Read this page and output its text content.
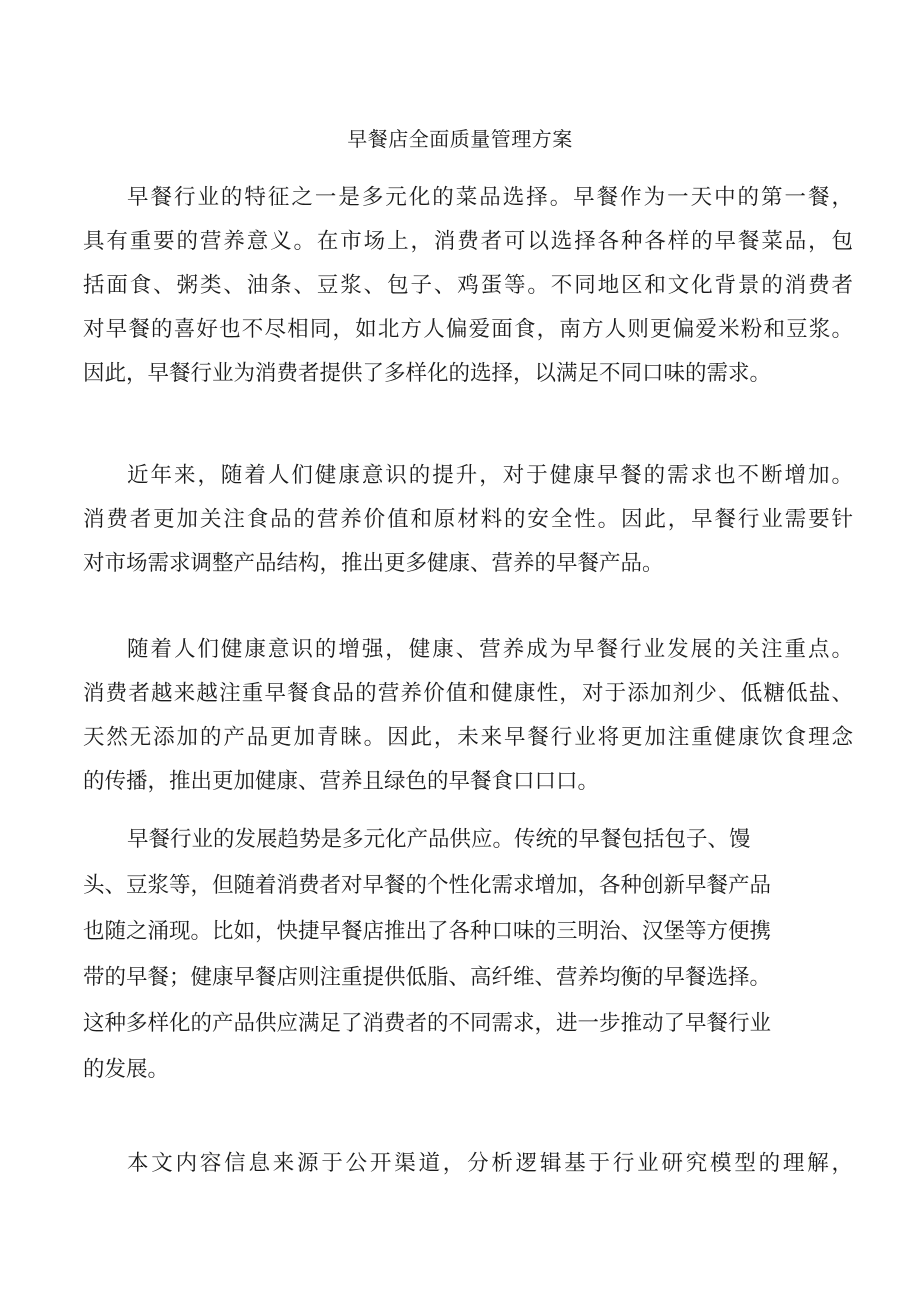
早餐店全面质量管理方案
早餐行业的特征之一是多元化的菜品选择。早餐作为一天中的第一餐，
具有重要的营养意义。在市场上，消费者可以选择各种各样的早餐菜品，包
括面食、粥类、油条、豆浆、包子、鸡蛋等。不同地区和文化背景的消费者
对早餐的喜好也不尽相同，如北方人偏爱面食，南方人则更偏爱米粉和豆浆。
因此，早餐行业为消费者提供了多样化的选择，以满足不同口味的需求。
近年来，随着人们健康意识的提升，对于健康早餐的需求也不断增加。
消费者更加关注食品的营养价值和原材料的安全性。因此，早餐行业需要针
对市场需求调整产品结构，推出更多健康、营养的早餐产品。
随着人们健康意识的增强，健康、营养成为早餐行业发展的关注重点。
消费者越来越注重早餐食品的营养价值和健康性，对于添加剂少、低糖低盐、
天然无添加的产品更加青睐。因此，未来早餐行业将更加注重健康饮食理念
的传播，推出更加健康、营养且绿色的早餐食口口口。
早餐行业的发展趋势是多元化产品供应。传统的早餐包括包子、馒
头、豆浆等，但随着消费者对早餐的个性化需求增加，各种创新早餐产品
也随之涌现。比如，快捷早餐店推出了各种口味的三明治、汉堡等方便携
带的早餐；健康早餐店则注重提供低脂、高纤维、营养均衡的早餐选择。
这种多样化的产品供应满足了消费者的不同需求，进一步推动了早餐行业
的发展。
本文内容信息来源于公开渠道，分析逻辑基于行业研究模型的理解，
